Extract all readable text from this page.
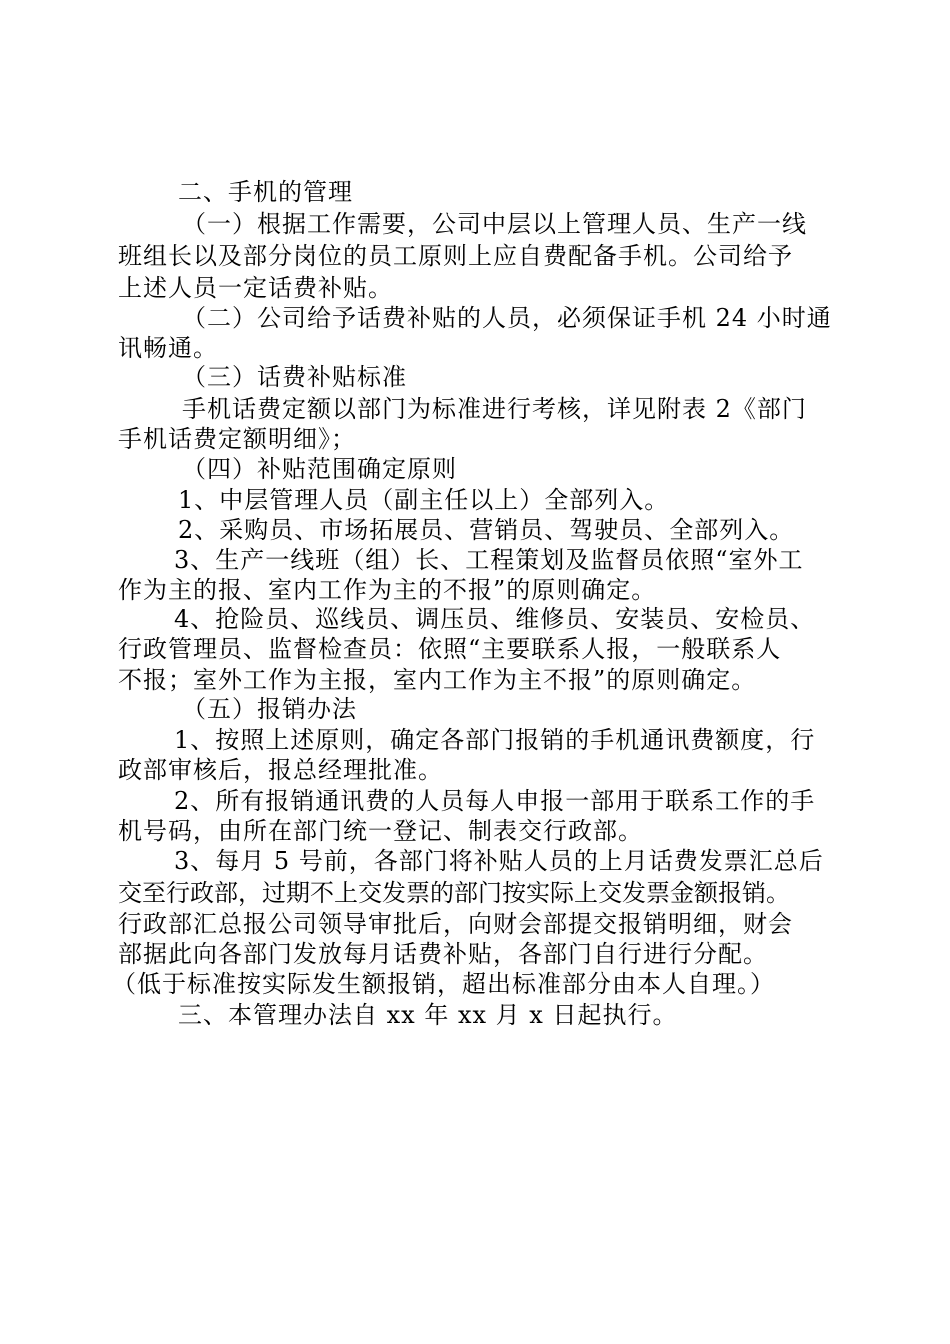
二、手机的管理
（一）根据工作需要，公司中层以上管理人员、生产一线
班组长以及部分岗位的员工原则上应自费配备手机。公司给予
上述人员一定话费补贴。
（二）公司给予话费补贴的人员，必须保证手机 24 小时通
讯畅通。
（三）话费补贴标准
手机话费定额以部门为标准进行考核，详见附表 2《部门
手机话费定额明细》；
（四）补贴范围确定原则
1、中层管理人员（副主任以上）全部列入。
2、采购员、市场拓展员、营销员、驾驶员、全部列入。
3、生产一线班（组）长、工程策划及监督员依照“室外工
作为主的报、室内工作为主的不报”的原则确定。
4、抢险员、巡线员、调压员、维修员、安装员、安检员、
行政管理员、监督检查员：依照“主要联系人报，一般联系人
不报；室外工作为主报，室内工作为主不报”的原则确定。
（五）报销办法
1、按照上述原则，确定各部门报销的手机通讯费额度，行
政部审核后，报总经理批准。
2、所有报销通讯费的人员每人申报一部用于联系工作的手
机号码，由所在部门统一登记、制表交行政部。
3、每月 5 号前，各部门将补贴人员的上月话费发票汇总后
交至行政部，过期不上交发票的部门按实际上交发票金额报销。
行政部汇总报公司领导审批后，向财会部提交报销明细，财会
部据此向各部门发放每月话费补贴，各部门自行进行分配。
（低于标准按实际发生额报销，超出标准部分由本人自理。）
三、本管理办法自 xx 年 xx 月 x 日起执行。
